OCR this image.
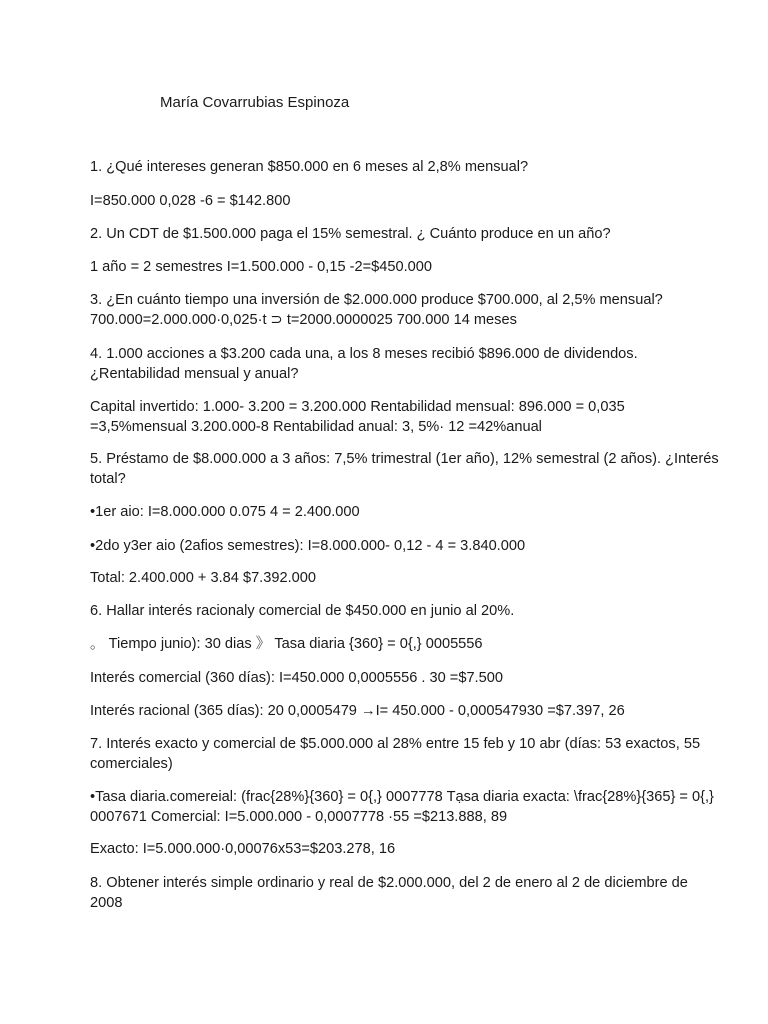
María Covarrubias Espinoza
1. ¿Qué intereses generan $850.000 en 6 meses al 2,8% mensual?
I=850.000 0,028 -6 = $142.800
2. Un CDT de $1.500.000 paga el 15% semestral. ¿ Cuánto produce en un año?
1 año = 2 semestres I=1.500.000 - 0,15 -2=$450.000
3. ¿En cuánto tiempo una inversión de $2.000.000 produce $700.000, al 2,5% mensual?
700.000=2.000.000·0,025·t ⊃ t=2000.0000025 700.000 14 meses
4. 1.000 acciones a $3.200 cada una, a los 8 meses recibió $896.000 de dividendos.
¿Rentabilidad mensual y anual?
Capital invertido: 1.000- 3.200 = 3.200.000 Rentabilidad mensual: 896.000 = 0,035
=3,5%mensual 3.200.000-8 Rentabilidad anual: 3, 5%· 12 =42%anual
5. Préstamo de $8.000.000 a 3 años: 7,5% trimestral (1er año), 12% semestral (2 años). ¿Interés
total?
•1er aio: I=8.000.000 0.075 4 = 2.400.000
•2do y3er aio (2afios semestres): I=8.000.000- 0,12 - 4 = 3.840.000
Total: 2.400.000 + 3.84 $7.392.000
6. Hallar interés racionaly comercial de $450.000 en junio al 20%.
。 Tiempo junio): 30 dias 》 Tasa diaria {360} = 0{,} 0005556
Interés comercial (360 días): I=450.000 0,0005556 . 30 =$7.500
Interés racional (365 días): 20 0,0005479 →I= 450.000 - 0,000547930 =$7.397, 26
7. Interés exacto y comercial de $5.000.000 al 28% entre 15 feb y 10 abr (días: 53 exactos, 55
comerciales)
•Tasa diaria.comereial: (frac{28%}{360} = 0{,} 0007778 Tạsa diaria exacta: \frac{28%}{365} = 0{,}
0007671 Comercial: I=5.000.000 - 0,0007778 ·55 =$213.888, 89
Exacto: I=5.000.000·0,00076x53=$203.278, 16
8. Obtener interés simple ordinario y real de $2.000.000, del 2 de enero al 2 de diciembre de
2008
